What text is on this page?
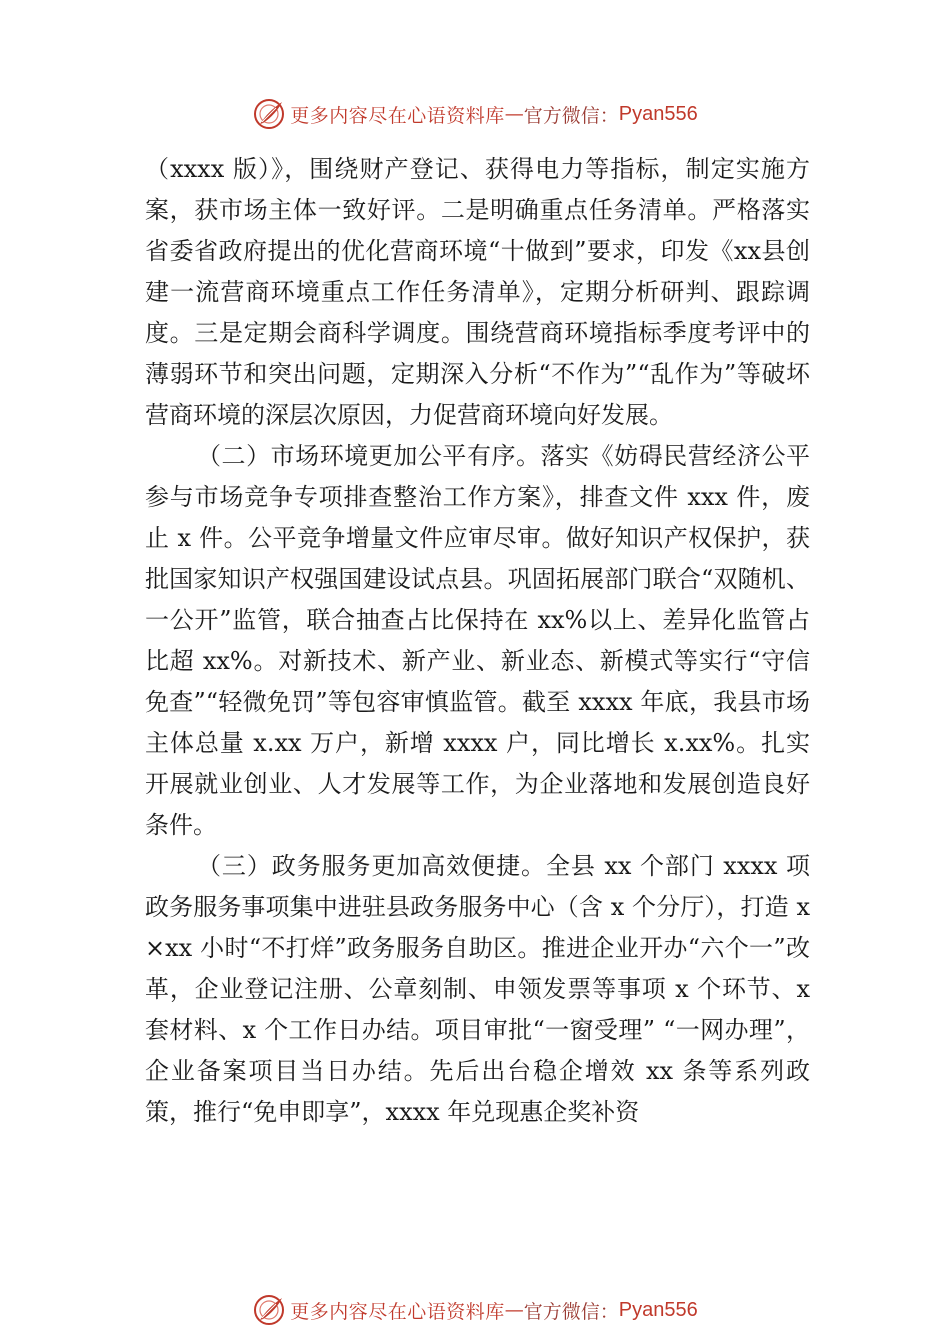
更多内容尽在心语资料库 — 官方微信： Pyan556

（xxxx 版）》，围绕财产登记、获得电力等指标，制定实施方案，获市场主体一致好评。二是明确重点任务清单。严格落实省委省政府提出的优化营商环境“十做到”要求，印发《xx县创建一流营商环境重点工作任务清单》，定期分析研判、跟踪调度。三是定期会商科学调度。围绕营商环境指标季度考评中的薄弱环节和突出问题，定期深入分析“不作为”“乱作为”等破坏营商环境的深层次原因，力促营商环境向好发展。

（二）市场环境更加公平有序。落实《妨碍民营经济公平参与市场竞争专项排查整治工作方案》，排查文件 xxx 件，废止 x 件。公平竞争增量文件应审尽审。做好知识产权保护，获批国家知识产权强国建设试点县。巩固拓展部门联合“双随机、一公开”监管，联合抽查占比保持在 xx%以上、差异化监管占比超 xx%。对新技术、新产业、新业态、新模式等实行“守信免查”“轻微免罚”等包容审慎监管。截至 xxxx 年底，我县市场主体总量 x.xx 万户，新增 xxxx 户，同比增长 x.xx%。扎实开展就业创业、人才发展等工作，为企业落地和发展创造良好条件。

（三）政务服务更加高效便捷。全县 xx 个部门 xxxx 项政务服务事项集中进驻县政务服务中心（含 x 个分厅），打造 x×xx 小时“不打烊”政务服务自助区。推进企业开办“六个一”改革，企业登记注册、公章刻制、申领发票等事项 x 个环节、x 套材料、x 个工作日办结。项目审批“一窗受理” “一网办理”，企业备案项目当日办结。先后出台稳企增效 xx 条等系列政策，推行“免申即享”，xxxx 年兑现惠企奖补资

更多内容尽在心语资料库 — 官方微信： Pyan556
